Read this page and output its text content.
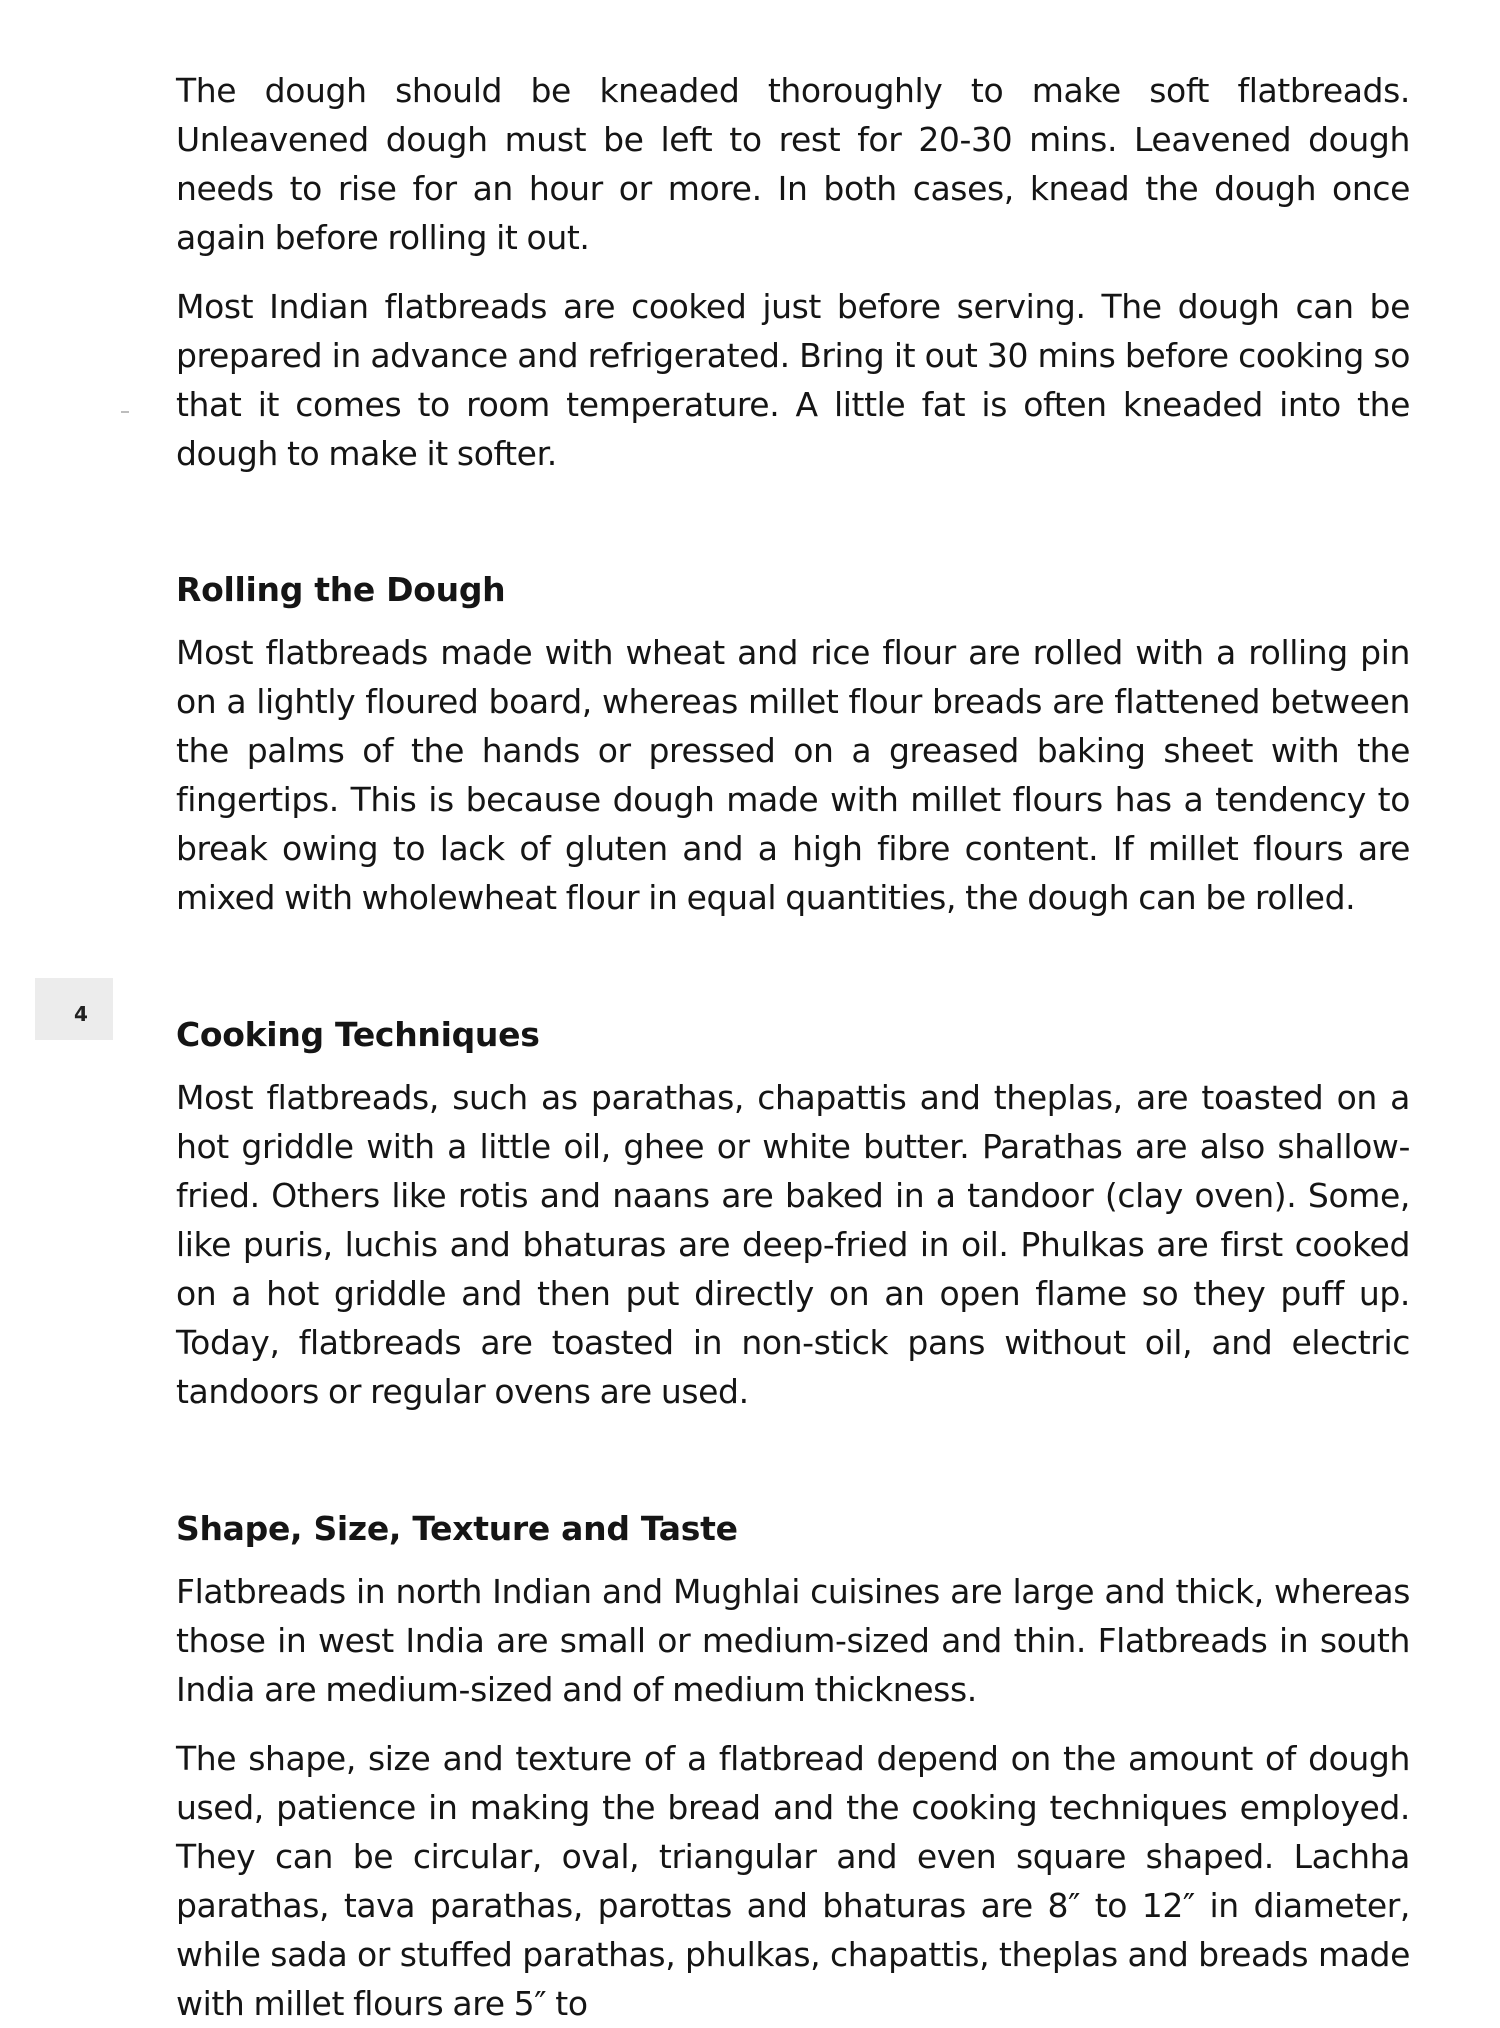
4

The dough should be kneaded thoroughly to make soft flatbreads. Unleavened dough must be left to rest for 20-30 mins. Leavened dough needs to rise for an hour or more. In both cases, knead the dough once again before rolling it out.

Most Indian flatbreads are cooked just before serving. The dough can be prepared in advance and refrigerated. Bring it out 30 mins before cooking so that it comes to room temperature. A little fat is often kneaded into the dough to make it softer.

Rolling the Dough

Most flatbreads made with wheat and rice flour are rolled with a rolling pin on a lightly floured board, whereas millet flour breads are flattened between the palms of the hands or pressed on a greased baking sheet with the fingertips. This is because dough made with millet flours has a tendency to break owing to lack of gluten and a high fibre content. If millet flours are mixed with wholewheat flour in equal quantities, the dough can be rolled.

Cooking Techniques

Most flatbreads, such as parathas, chapattis and theplas, are toasted on a hot griddle with a little oil, ghee or white butter. Parathas are also shallow-fried. Others like rotis and naans are baked in a tandoor (clay oven). Some, like puris, luchis and bhaturas are deep-fried in oil. Phulkas are first cooked on a hot griddle and then put directly on an open flame so they puff up. Today, flatbreads are toasted in non-stick pans without oil, and electric tandoors or regular ovens are used.

Shape, Size, Texture and Taste

Flatbreads in north Indian and Mughlai cuisines are large and thick, whereas those in west India are small or medium-sized and thin. Flatbreads in south India are medium-sized and of medium thickness.

The shape, size and texture of a flatbread depend on the amount of dough used, patience in making the bread and the cooking techniques employed. They can be circular, oval, triangular and even square shaped. Lachha parathas, tava parathas, parottas and bhaturas are 8″ to 12″ in diameter, while sada or stuffed parathas, phulkas, chapattis, theplas and breads made with millet flours are 5″ to
